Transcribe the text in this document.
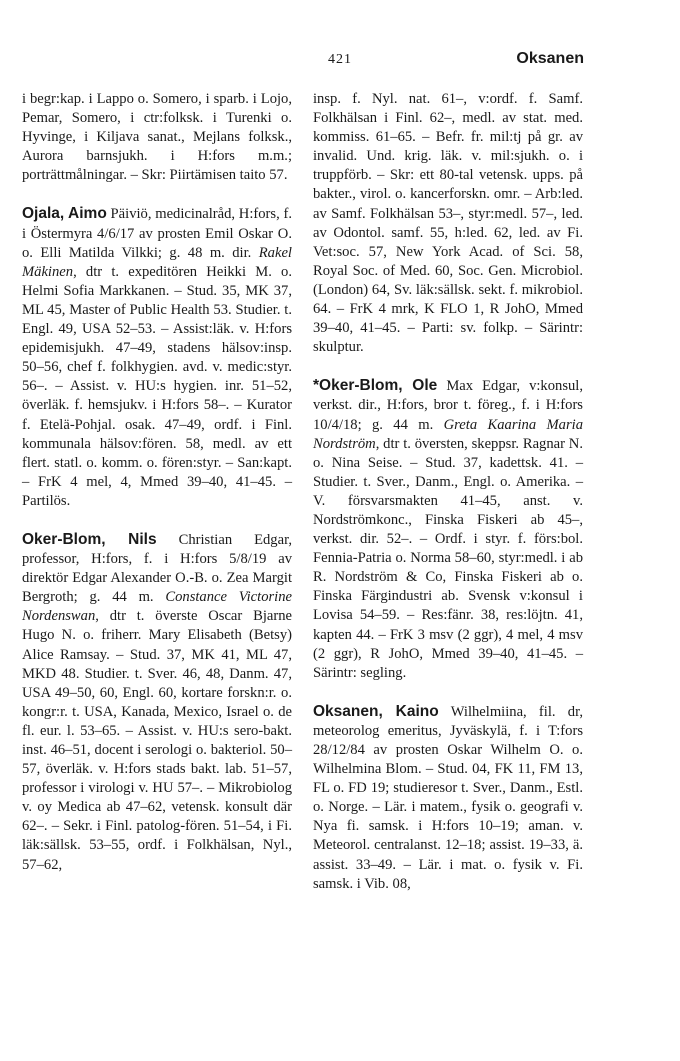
421	Oksanen

i begr:kap. i Lappo o. Somero, i sparb. i Lojo, Pemar, Somero, i ctr:folksk. i Turenki o. Hyvinge, i Kiljava sanat., Mejlans folksk., Aurora barnsjukh. i H:fors m.m.; porträttmålningar. – Skr: Piirtämisen taito 57.

Ojala, Aimo Päiviö, medicinalråd, H:fors, f. i Östermyra 4/6/17 av prosten Emil Oskar O. o. Elli Matilda Vilkki; g. 48 m. dir. Rakel Mäkinen, dtr t. expeditören Heikki M. o. Helmi Sofia Markkanen. – Stud. 35, MK 37, ML 45, Master of Public Health 53. Studier. t. Engl. 49, USA 52–53. – Assist:läk. v. H:fors epidemisjukh. 47–49, stadens hälsov:insp. 50–56, chef f. folkhygien. avd. v. medic:styr. 56–. – Assist. v. HU:s hygien. inr. 51–52, överläk. f. hemsjukv. i H:fors 58–. – Kurator f. Etelä-Pohjal. osak. 47–49, ordf. i Finl. kommunala hälsov:fören. 58, medl. av ett flert. statl. o. komm. o. fören:styr. – San:kapt. – FrK 4 mel, 4, Mmed 39–40, 41–45. – Partilös.

Oker-Blom, Nils Christian Edgar, professor, H:fors, f. i H:fors 5/8/19 av direktör Edgar Alexander O.-B. o. Zea Margit Bergroth; g. 44 m. Constance Victorine Nordenswan, dtr t. överste Oscar Bjarne Hugo N. o. friherr. Mary Elisabeth (Betsy) Alice Ramsay. – Stud. 37, MK 41, ML 47, MKD 48. Studier. t. Sver. 46, 48, Danm. 47, USA 49–50, 60, Engl. 60, kortare forskn:r. o. kongr:r. t. USA, Kanada, Mexico, Israel o. de fl. eur. l. 53–65. – Assist. v. HU:s sero-bakt. inst. 46–51, docent i serologi o. bakteriol. 50–57, överläk. v. H:fors stads bakt. lab. 51–57, professor i virologi v. HU 57–. – Mikrobiolog v. oy Medica ab 47–62, vetensk. konsult där 62–. – Sekr. i Finl. patolog-fören. 51–54, i Fi. läk:sällsk. 53–55, ordf. i Folkhälsan, Nyl., 57–62,

insp. f. Nyl. nat. 61–, v:ordf. f. Samf. Folkhälsan i Finl. 62–, medl. av stat. med. kommiss. 61–65. – Befr. fr. mil:tj på gr. av invalid. Und. krig. läk. v. mil:sjukh. o. i truppförb. – Skr: ett 80-tal vetensk. upps. på bakter., virol. o. kancerforskn. omr. – Arb:led. av Samf. Folkhälsan 53–, styr:medl. 57–, led. av Odontol. samf. 55, h:led. 62, led. av Fi. Vet:soc. 57, New York Acad. of Sci. 58, Royal Soc. of Med. 60, Soc. Gen. Microbiol. (London) 64, Sv. läk:sällsk. sekt. f. mikrobiol. 64. – FrK 4 mrk, K FLO 1, R JohO, Mmed 39–40, 41–45. – Parti: sv. folkp. – Särintr: skulptur.

*Oker-Blom, Ole Max Edgar, v:konsul, verkst. dir., H:fors, bror t. föreg., f. i H:fors 10/4/18; g. 44 m. Greta Kaarina Maria Nordström, dtr t. översten, skeppsr. Ragnar N. o. Nina Seise. – Stud. 37, kadettsk. 41. – Studier. t. Sver., Danm., Engl. o. Amerika. – V. försvarsmakten 41–45, anst. v. Nordströmkonc., Finska Fiskeri ab 45–, verkst. dir. 52–. – Ordf. i styr. f. förs:bol. Fennia-Patria o. Norma 58–60, styr:medl. i ab R. Nordström & Co, Finska Fiskeri ab o. Finska Färgindustri ab. Svensk v:konsul i Lovisa 54–59. – Res:fänr. 38, res:löjtn. 41, kapten 44. – FrK 3 msv (2 ggr), 4 mel, 4 msv (2 ggr), R JohO, Mmed 39–40, 41–45. – Särintr: segling.

Oksanen, Kaino Wilhelmiina, fil. dr, meteorolog emeritus, Jyväskylä, f. i T:fors 28/12/84 av prosten Oskar Wilhelm O. o. Wilhelmina Blom. – Stud. 04, FK 11, FM 13, FL o. FD 19; studieresor t. Sver., Danm., Estl. o. Norge. – Lär. i matem., fysik o. geografi v. Nya fi. samsk. i H:fors 10–19; aman. v. Meteorol. centralanst. 12–18; assist. 19–33, ä. assist. 33–49. – Lär. i mat. o. fysik v. Fi. samsk. i Vib. 08,
